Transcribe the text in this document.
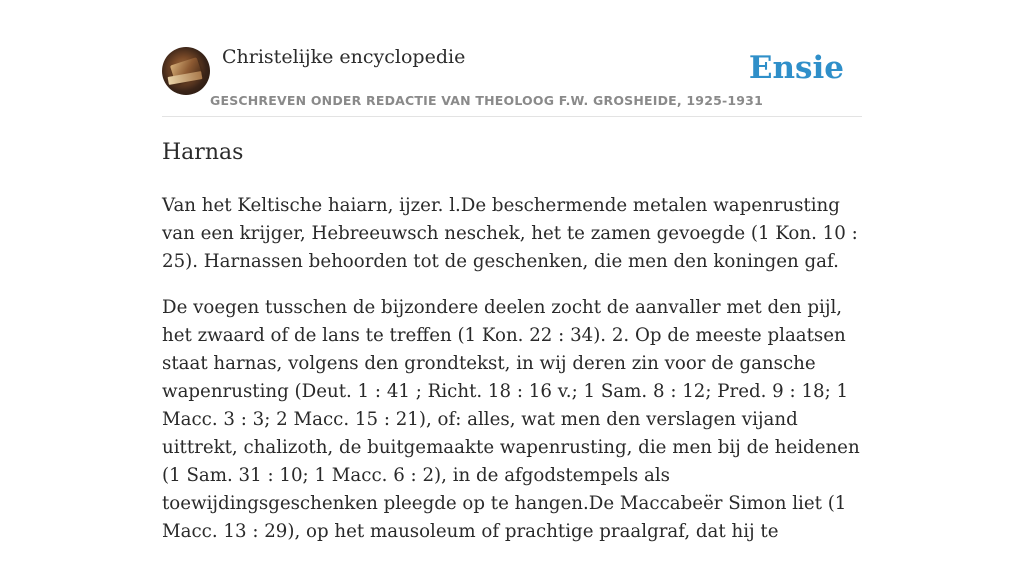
Christelijke encyclopedie
GESCHREVEN ONDER REDACTIE VAN THEOLOOG F.W. GROSHEIDE, 1925-1931
Ensie
Harnas

Van het Keltische haiarn, ijzer. l.De beschermende metalen wapenrusting van een krijger, Hebreeuwsch neschek, het te zamen gevoegde (1 Kon. 10 : 25). Harnassen behoorden tot de geschenken, die men den koningen gaf.

De voegen tusschen de bijzondere deelen zocht de aanvaller met den pijl, het zwaard of de lans te treffen (1 Kon. 22 : 34). 2. Op de meeste plaatsen staat harnas, volgens den grondtekst, in wij deren zin voor de gansche wapenrusting (Deut. 1 : 41 ; Richt. 18 : 16 v.; 1 Sam. 8 : 12; Pred. 9 : 18; 1 Macc. 3 : 3; 2 Macc. 15 : 21), of: alles, wat men den verslagen vijand uittrekt, chalizoth, de buitgemaakte wapenrusting, die men bij de heidenen (1 Sam. 31 : 10; 1 Macc. 6 : 2), in de afgodstempels als toewijdingsgeschenken pleegde op te hangen.De Maccabeër Simon liet (1 Macc. 13 : 29), op het mausoleum of prachtige praalgraf, dat hij te
